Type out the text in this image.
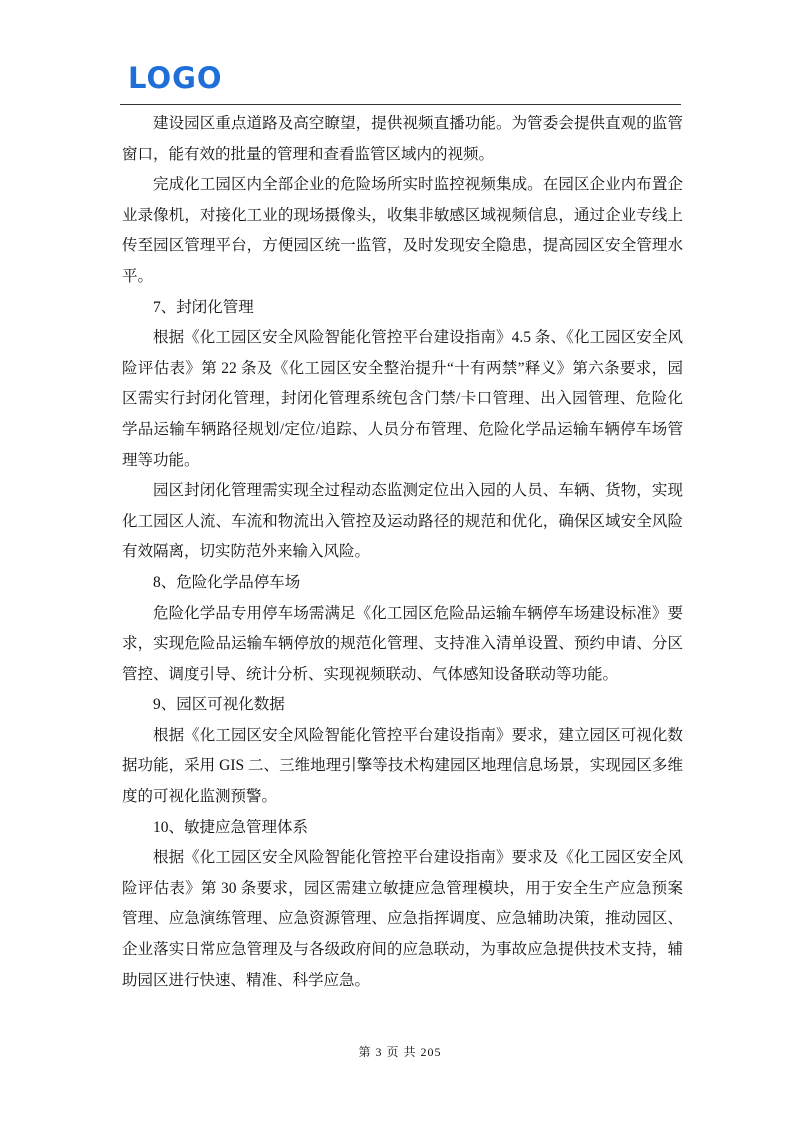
LOGO

建设园区重点道路及高空瞭望，提供视频直播功能。为管委会提供直观的监管窗口，能有效的批量的管理和查看监管区域内的视频。

完成化工园区内全部企业的危险场所实时监控视频集成。在园区企业内布置企业录像机，对接化工业的现场摄像头，收集非敏感区域视频信息，通过企业专线上传至园区管理平台，方便园区统一监管，及时发现安全隐患，提高园区安全管理水平。

7、封闭化管理

根据《化工园区安全风险智能化管控平台建设指南》4.5 条、《化工园区安全风险评估表》第 22 条及《化工园区安全整治提升“十有两禁”释义》第六条要求，园区需实行封闭化管理，封闭化管理系统包含门禁/卡口管理、出入园管理、危险化学品运输车辆路径规划/定位/追踪、人员分布管理、危险化学品运输车辆停车场管理等功能。

园区封闭化管理需实现全过程动态监测定位出入园的人员、车辆、货物，实现化工园区人流、车流和物流出入管控及运动路径的规范和优化，确保区域安全风险有效隔离，切实防范外来输入风险。

8、危险化学品停车场

危险化学品专用停车场需满足《化工园区危险品运输车辆停车场建设标准》要求，实现危险品运输车辆停放的规范化管理、支持准入清单设置、预约申请、分区管控、调度引导、统计分析、实现视频联动、气体感知设备联动等功能。

9、园区可视化数据

根据《化工园区安全风险智能化管控平台建设指南》要求，建立园区可视化数据功能，采用 GIS 二、三维地理引擎等技术构建园区地理信息场景，实现园区多维度的可视化监测预警。

10、敏捷应急管理体系

根据《化工园区安全风险智能化管控平台建设指南》要求及《化工园区安全风险评估表》第 30 条要求，园区需建立敏捷应急管理模块，用于安全生产应急预案管理、应急演练管理、应急资源管理、应急指挥调度、应急辅助决策，推动园区、企业落实日常应急管理及与各级政府间的应急联动，为事故应急提供技术支持，辅助园区进行快速、精准、科学应急。

第 3 页 共 205
